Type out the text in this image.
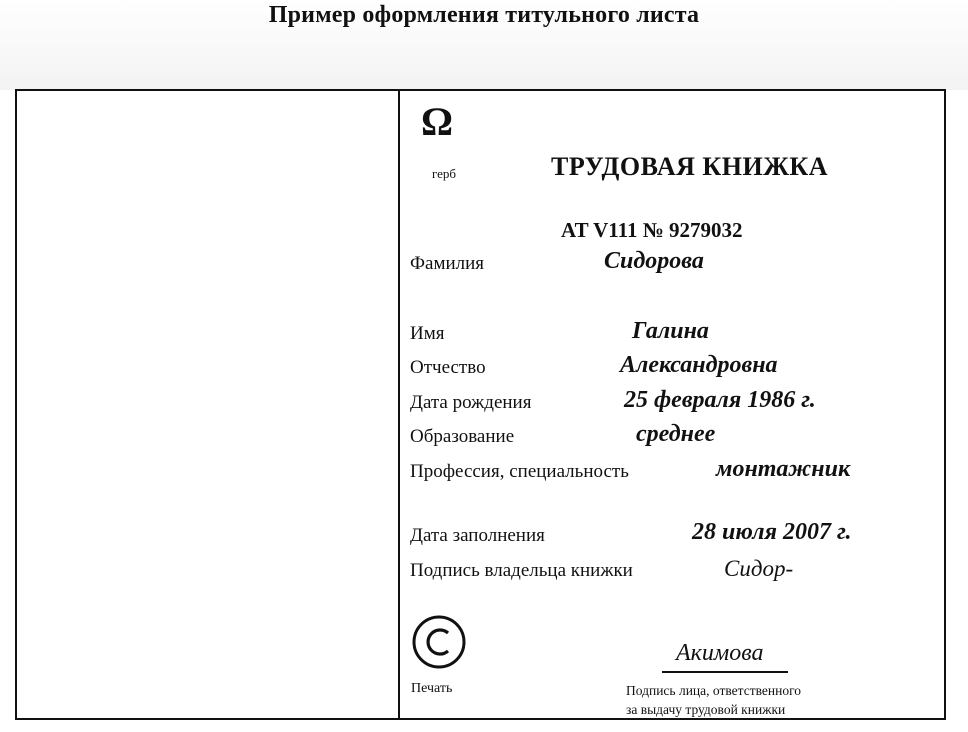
Пример оформления титульного листа
Ω
герб	ТРУДОВАЯ КНИЖКА
AT V111 № 9279032
Фамилия	Сидорова
Имя	Галина
Отчество	Александровна
Дата рождения	25 февраля 1986 г.
Образование	среднее
Профессия, специальность	монтажник
Дата заполнения	28 июля 2007 г.
Подпись владельца книжки	Сидор-
Печать
Акимова
Подпись лица, ответственного
за выдачу трудовой книжки
